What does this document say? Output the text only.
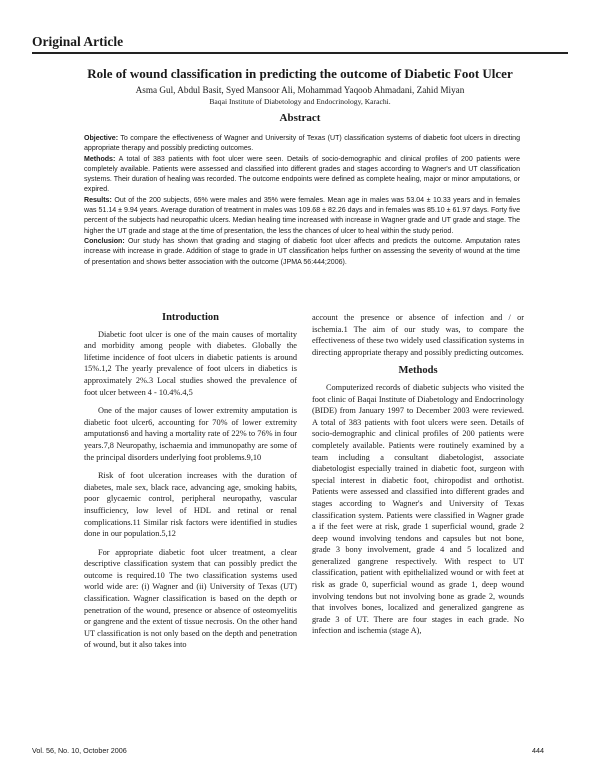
Original Article
Role of wound classification in predicting the outcome of Diabetic Foot Ulcer
Asma Gul, Abdul Basit, Syed Mansoor Ali, Mohammad Yaqoob Ahmadani, Zahid Miyan
Baqai Institute of Diabetology and Endocrinology, Karachi.
Abstract

Objective: To compare the effectiveness of Wagner and University of Texas (UT) classification systems of diabetic foot ulcers in directing appropriate therapy and possibly predicting outcomes.

Methods: A total of 383 patients with foot ulcer were seen. Details of socio-demographic and clinical profiles of 200 patients were completely available. Patients were assessed and classified into different grades and stages according to Wagner's and UT classification systems. Their duration of healing was recorded. The outcome endpoints were defined as complete healing, major or minor amputations, or expired.

Results: Out of the 200 subjects, 65% were males and 35% were females. Mean age in males was 53.04 ± 10.33 years and in females was 51.14 ± 9.94 years. Average duration of treatment in males was 109.68 ± 82.26 days and in females was 85.10 ± 61.97 days. Forty five percent of the subjects had neuropathic ulcers. Median healing time increased with increase in Wagner grade and UT grade and stage. The higher the UT grade and stage at the time of presentation, the less the chances of ulcer to heal within the study period.

Conclusion: Our study has shown that grading and staging of diabetic foot ulcer affects and predicts the outcome. Amputation rates increase with increase in grade. Addition of stage to grade in UT classification helps further on assessing the severity of wound at the time of presentation and shows better association with the outcome (JPMA 56:444;2006).

Introduction

Diabetic foot ulcer is one of the main causes of mortality and morbidity among people with diabetes. Globally the lifetime incidence of foot ulcers in diabetic patients is around 15%.1,2 The yearly prevalence of foot ulcers in diabetics is approximately 2%.3 Local studies showed the prevalence of foot ulcer between 4 - 10.4%.4,5

One of the major causes of lower extremity amputation is diabetic foot ulcer6, accounting for 70% of lower extremity amputations6 and having a mortality rate of 22% to 76% in four years.7,8 Neuropathy, ischaemia and immunopathy are some of the principal disorders underlying foot problems.9,10

Risk of foot ulceration increases with the duration of diabetes, male sex, black race, advancing age, smoking habits, poor glycaemic control, peripheral neuropathy, vascular insufficiency, low level of HDL and retinal or renal complications.11 Similar risk factors were identified in studies done in our population.5,12

For appropriate diabetic foot ulcer treatment, a clear descriptive classification system that can possibly predict the outcome is required.10 The two classification systems used world wide are: (i) Wagner and (ii) University of Texas (UT) classification. Wagner classification is based on the depth or penetration of the wound, presence or absence of osteomyelitis or gangrene and the extent of tissue necrosis. On the other hand UT classification is not only based on the depth and penetration of wound, but it also takes into

account the presence or absence of infection and / or ischemia.1 The aim of our study was, to compare the effectiveness of these two widely used classification systems in directing appropriate therapy and possibly predicting outcomes.

Methods

Computerized records of diabetic subjects who visited the foot clinic of Baqai Institute of Diabetology and Endocrinology (BIDE) from January 1997 to December 2003 were reviewed. A total of 383 patients with foot ulcers were seen. Details of socio-demographic and clinical profiles of 200 patients were completely available. Patients were routinely examined by a team including a consultant diabetologist, associate diabetologist especially trained in diabetic foot, surgeon with special interest in diabetic foot, chiropodist and orthotist. Patients were assessed and classified into different grades and stages according to Wagner's and University of Texas classification system. Patients were classified in Wagner grade a if the feet were at risk, grade 1 superficial wound, grade 2 deep wound involving tendons and capsules but not bone, grade 3 bony involvement, grade 4 and 5 localized and generalized gangrene respectively. With respect to UT classification, patient with epithelialized wound or with feet at risk as grade 0, superficial wound as grade 1, deep wound involving tendons but not involving bone as grade 2, wounds that involves bones, localized and generalized gangrene as grade 3 of UT. There are four stages in each grade. No infection and ischemia (stage A),

Vol. 56, No. 10, October 2006	444
